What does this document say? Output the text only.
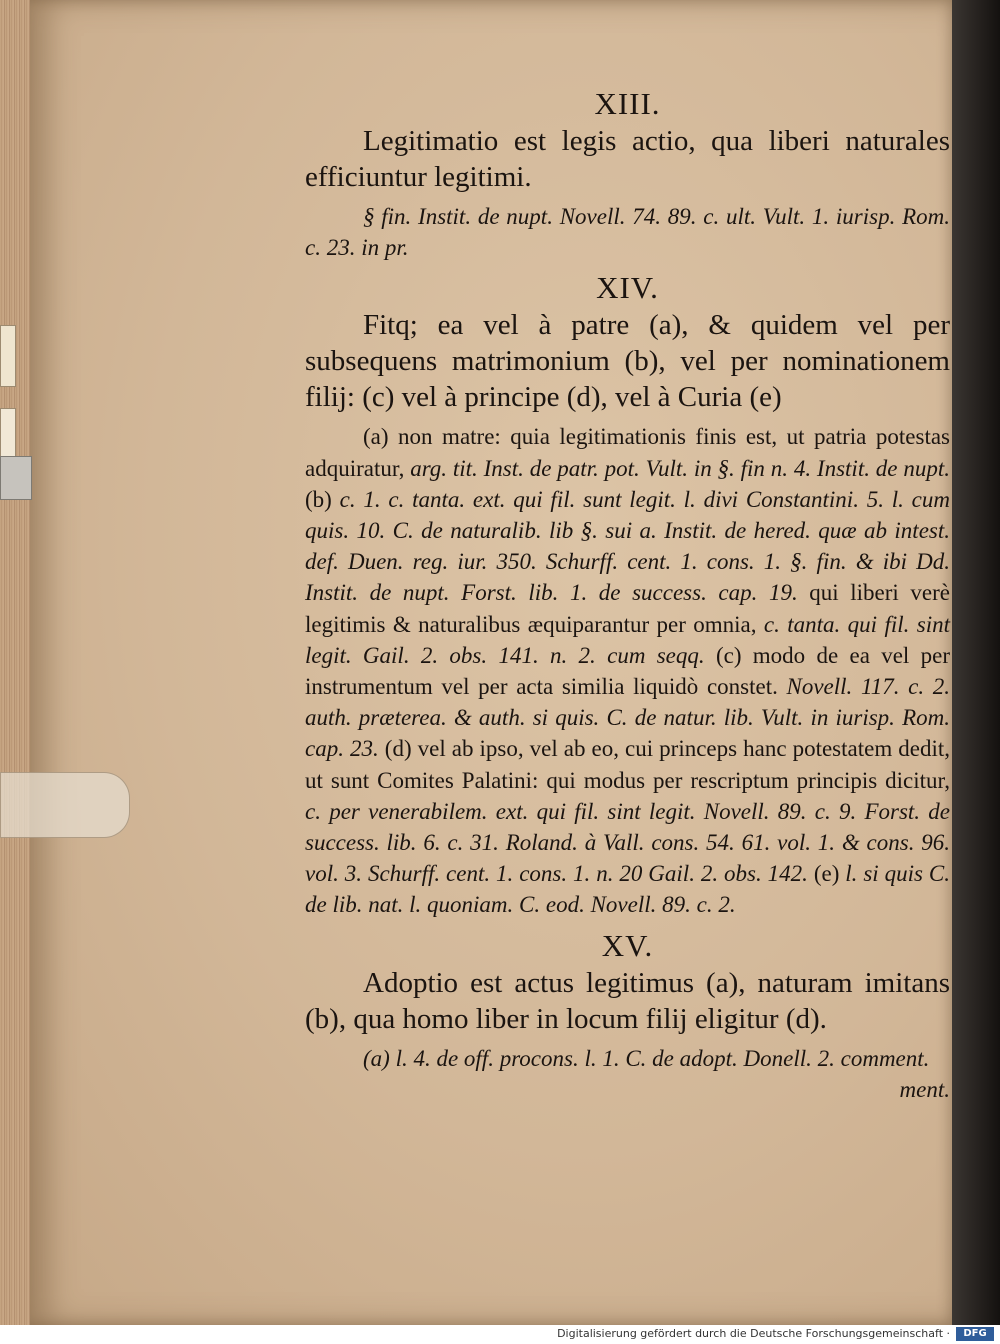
XIII.

Legitimatio est legis actio, qua liberi naturales efficiuntur legitimi.

§ fin. Instit. de nupt. Novell. 74. 89. c. ult. Vult. 1. iurisp. Rom. c. 23. in pr.

XIV.

Fitq; ea vel à patre (a), & quidem vel per subsequens matrimonium (b), vel per nominationem filij: (c) vel à principe (d), vel à Curia (e)

(a) non matre: quia legitimationis finis est, ut patria potestas adquiratur, arg. tit. Inst. de patr. pot. Vult. in §. fin n. 4. Instit. de nupt. (b) c. 1. c. tanta. ext. qui fil. sunt legit. l. divi Constantini. 5. l. cum quis. 10. C. de naturalib. lib §. sui a. Instit. de hered. quæ ab intest. def. Duen. reg. iur. 350. Schurff. cent. 1. cons. 1. §. fin. & ibi Dd. Instit. de nupt. Forst. lib. 1. de success. cap. 19. qui liberi verè legitimis & naturalibus æquiparantur per omnia, c. tanta. qui fil. sint legit. Gail. 2. obs. 141. n. 2. cum seqq. (c) modo de ea vel per instrumentum vel per acta similia liquidò constet. Novell. 117. c. 2. auth. præterea. & auth. si quis. C. de natur. lib. Vult. in iurisp. Rom. cap. 23. (d) vel ab ipso, vel ab eo, cui princeps hanc potestatem dedit, ut sunt Comites Palatini: qui modus per rescriptum principis dicitur, c. per venerabilem. ext. qui fil. sint legit. Novell. 89. c. 9. Forst. de success. lib. 6. c. 31. Roland. à Vall. cons. 54. 61. vol. 1. & cons. 96. vol. 3. Schurff. cent. 1. cons. 1. n. 20 Gail. 2. obs. 142. (e) l. si quis C. de lib. nat. l. quoniam. C. eod. Novell. 89. c. 2.

XV.

Adoptio est actus legitimus (a), naturam imitans (b), qua homo liber in locum filij eligitur (d).

(a) l. 4. de off. procons. l. 1. C. de adopt. Donell. 2. comment.

ment.

Digitalisierung gefördert durch die Deutsche Forschungsgemeinschaft ·	DFG
